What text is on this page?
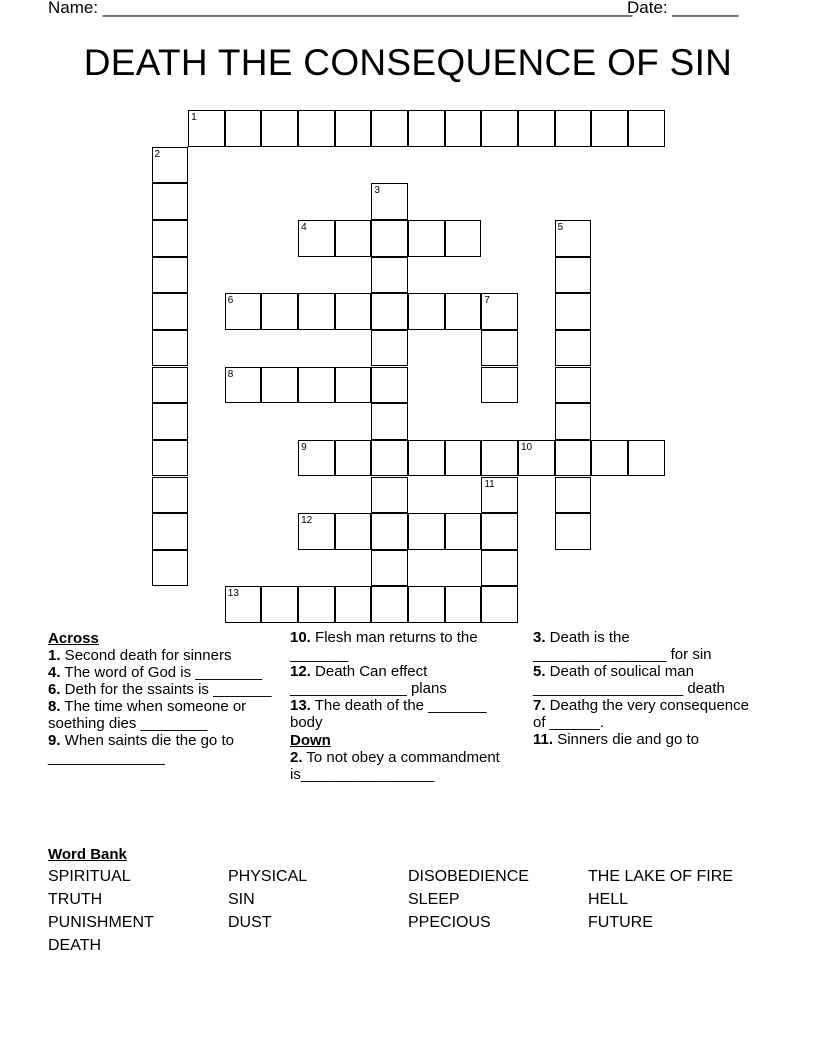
Name: ________________________________________________________
Date: _______
DEATH THE CONSEQUENCE OF SIN
1
2
3
4	5
6	7
8
9	10
11
12
13
Across

1. Second death for sinners

4. The word of God is ________

6. Deth for the ssaints is _______

8. The time when someone or soething dies ________

9. When saints die the go to ______________

10. Flesh man returns to the _______

12. Death Can effect ______________ plans

13. The death of the _______ body

Down

2. To not obey a commandment is________________

3. Death is the ________________ for sin

5. Death of soulical man __________________ death

7. Deathg the very consequence of ______.

11. Sinners die and go to

Word Bank
SPIRITUAL	PHYSICAL	DISOBEDIENCE	THE LAKE OF FIRE
TRUTH	SIN	SLEEP	HELL
PUNISHMENT	DUST	PPECIOUS	FUTURE
DEATH
